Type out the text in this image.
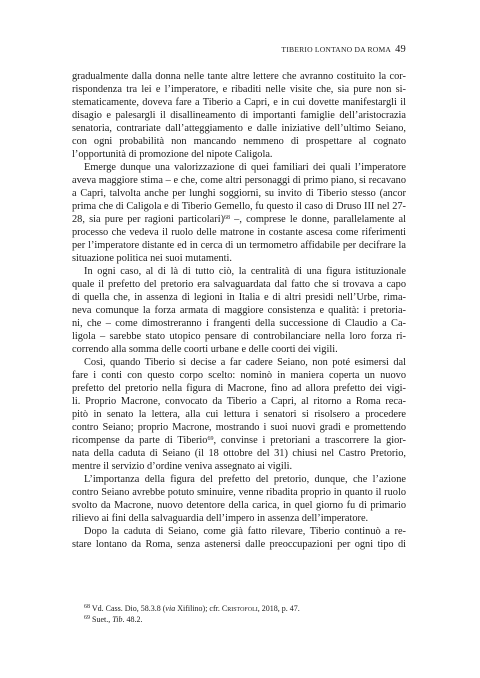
TIBERIO LONTANO DA ROMA 49
gradualmente dalla donna nelle tante altre lettere che avranno costituito la cor-
rispondenza tra lei e l’imperatore, e ribaditi nelle visite che, sia pure non si-
stematicamente, doveva fare a Tiberio a Capri, e in cui dovette manifestargli il
disagio e palesargli il disallineamento di importanti famiglie dell’aristocrazia
senatoria, contrariate dall’atteggiamento e dalle iniziative dell’ultimo Seiano,
con ogni probabilità non mancando nemmeno di prospettare al cognato
l’opportunità di promozione del nipote Caligola.
Emerge dunque una valorizzazione di quei familiari dei quali l’imperatore
aveva maggiore stima – e che, come altri personaggi di primo piano, si recavano
a Capri, talvolta anche per lunghi soggiorni, su invito di Tiberio stesso (ancor
prima che di Caligola e di Tiberio Gemello, fu questo il caso di Druso III nel 27-
28, sia pure per ragioni particolari)$^{68}$ –, comprese le donne, parallelamente al
processo che vedeva il ruolo delle matrone in costante ascesa come riferimenti
per l’imperatore distante ed in cerca di un termometro affidabile per decifrare la
situazione politica nei suoi mutamenti.
In ogni caso, al di là di tutto ciò, la centralità di una figura istituzionale
quale il prefetto del pretorio era salvaguardata dal fatto che si trovava a capo
di quella che, in assenza di legioni in Italia e di altri presìdi nell’Urbe, rima-
neva comunque la forza armata di maggiore consistenza e qualità: i pretoria-
ni, che – come dimostreranno i frangenti della successione di Claudio a Ca-
ligola – sarebbe stato utopico pensare di controbilanciare nella loro forza ri-
correndo alla somma delle coorti urbane e delle coorti dei vigili.
Così, quando Tiberio si decise a far cadere Seiano, non poté esimersi dal
fare i conti con questo corpo scelto: nominò in maniera coperta un nuovo
prefetto del pretorio nella figura di Macrone, fino ad allora prefetto dei vigi-
li. Proprio Macrone, convocato da Tiberio a Capri, al ritorno a Roma reca-
pitò in senato la lettera, alla cui lettura i senatori si risolsero a procedere
contro Seiano; proprio Macrone, mostrando i suoi nuovi gradi e promettendo
ricompense da parte di Tiberio$^{69}$, convinse i pretoriani a trascorrere la gior-
nata della caduta di Seiano (il 18 ottobre del 31) chiusi nel Castro Pretorio,
mentre il servizio d’ordine veniva assegnato ai vigili.
L’importanza della figura del prefetto del pretorio, dunque, che l’azione
contro Seiano avrebbe potuto sminuire, venne ribadita proprio in quanto il ruolo
svolto da Macrone, nuovo detentore della carica, in quel giorno fu di primario
rilievo ai fini della salvaguardia dell’impero in assenza dell’imperatore.
Dopo la caduta di Seiano, come già fatto rilevare, Tiberio continuò a re-
stare lontano da Roma, senza astenersi dalle preoccupazioni per ogni tipo di
$^{68}$ Vd. Cass. Dio, 58.3.8 (via Xifilino); cfr. Cristofoli, 2018, p. 47.
$^{69}$ Suet., Tib. 48.2.
